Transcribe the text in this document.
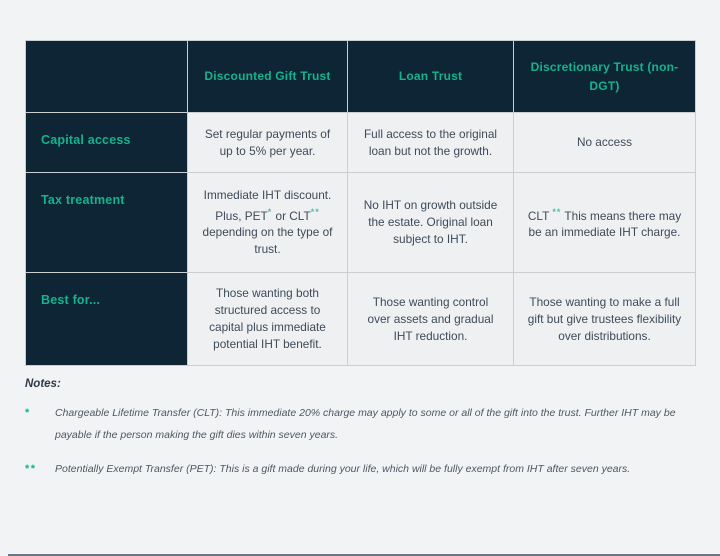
	Discounted Gift Trust	Loan Trust	Discretionary Trust (non-DGT)
Capital access	Set regular payments of up to 5% per year.	Full access to the original loan but not the growth.	No access
Tax treatment	Immediate IHT discount. Plus, PET* or CLT** depending on the type of trust.	No IHT on growth outside the estate. Original loan subject to IHT.	CLT ** This means there may be an immediate IHT charge.
Best for...	Those wanting both structured access to capital plus immediate potential IHT benefit.	Those wanting control over assets and gradual IHT reduction.	Those wanting to make a full gift but give trustees flexibility over distributions.

Notes:

*	Chargeable Lifetime Transfer (CLT): This immediate 20% charge may apply to some or all of the gift into the trust. Further IHT may be payable if the person making the gift dies within seven years.
**	Potentially Exempt Transfer (PET): This is a gift made during your life, which will be fully exempt from IHT after seven years.
